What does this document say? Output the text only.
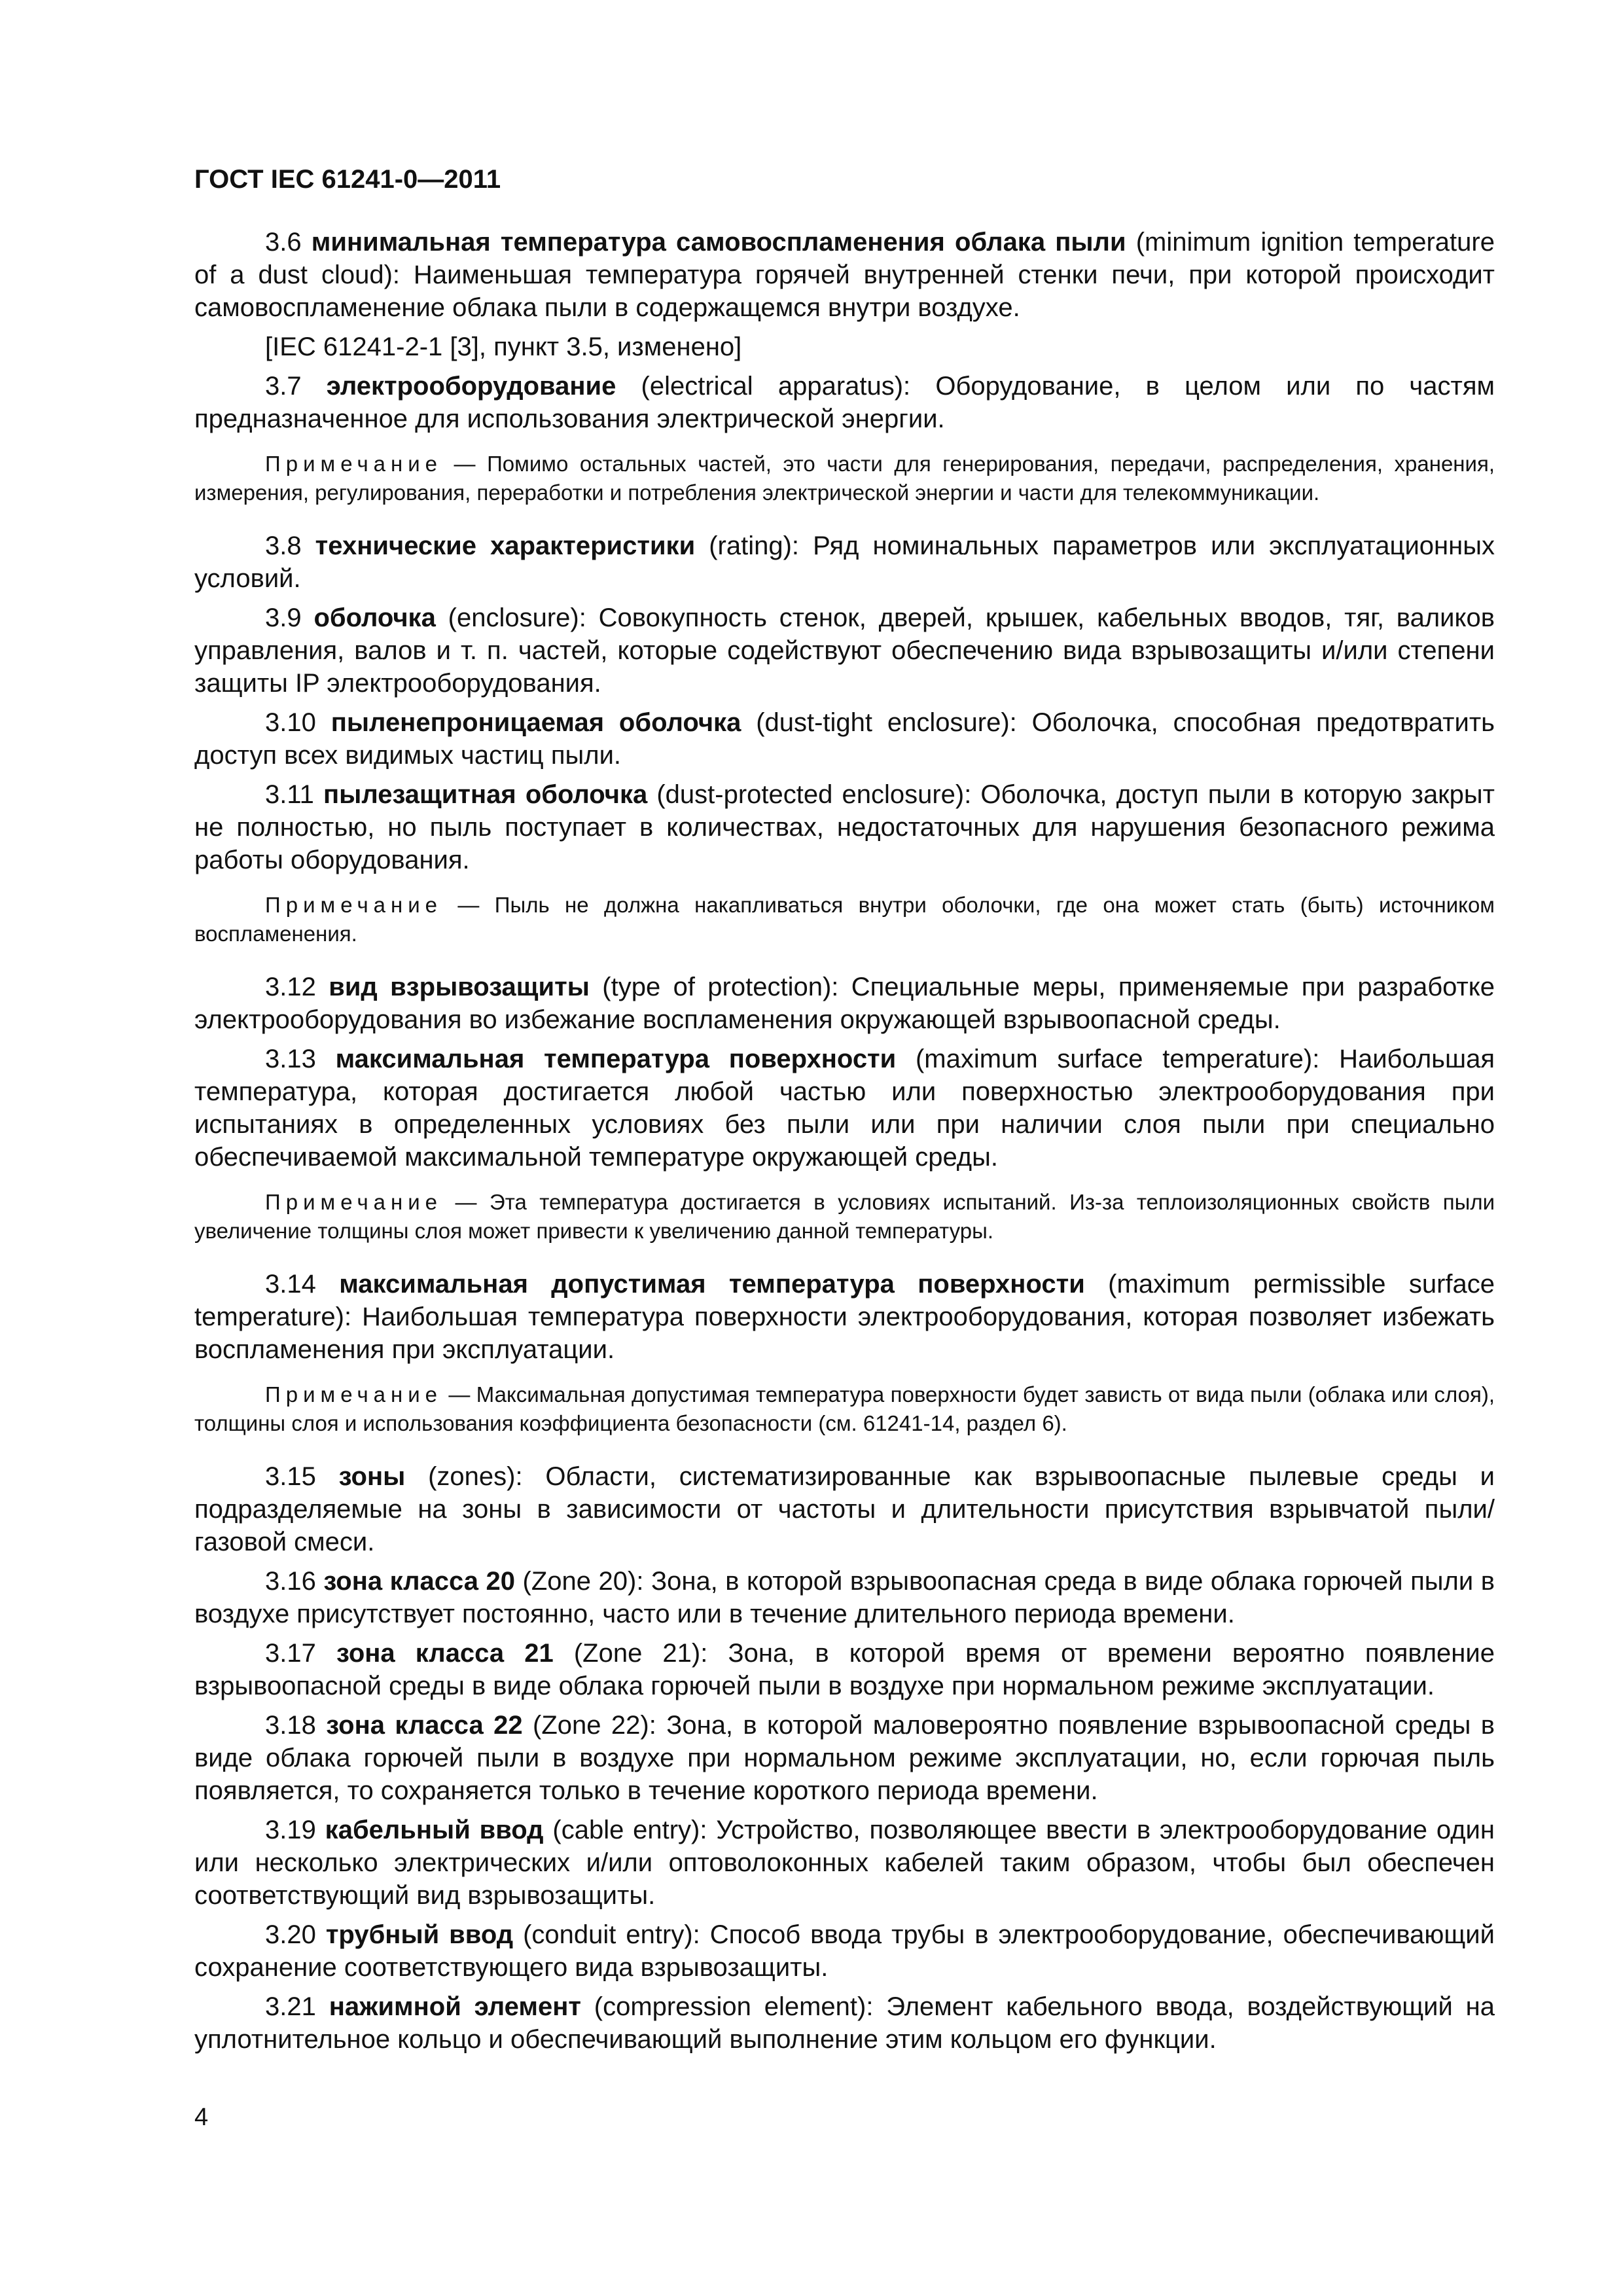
ГОСТ IEC 61241-0—2011

3.6 минимальная температура самовоспламенения облака пыли (minimum ignition temperature of a dust cloud): Наименьшая температура горячей внутренней стенки печи, при которой происходит самовоспламенение облака пыли в содержащемся внутри воздухе.

[IEC 61241-2-1 [3], пункт 3.5, изменено]

3.7 электрооборудование (electrical apparatus): Оборудование, в целом или по частям предназначенное для использования электрической энергии.

Примечание — Помимо остальных частей, это части для генерирования, передачи, распределения, хранения, измерения, регулирования, переработки и потребления электрической энергии и части для телекоммуникации.

3.8 технические характеристики (rating): Ряд номинальных параметров или эксплуатационных условий.

3.9 оболочка (enclosure): Совокупность стенок, дверей, крышек, кабельных вводов, тяг, валиков управления, валов и т. п. частей, которые содействуют обеспечению вида взрывозащиты и/или степени защиты IP электрооборудования.

3.10 пыленепроницаемая оболочка (dust-tight enclosure): Оболочка, способная предотвратить доступ всех видимых частиц пыли.

3.11 пылезащитная оболочка (dust-protected enclosure): Оболочка, доступ пыли в которую закрыт не полностью, но пыль поступает в количествах, недостаточных для нарушения безопасного режима работы оборудования.

Примечание — Пыль не должна накапливаться внутри оболочки, где она может стать (быть) источником воспламенения.

3.12 вид взрывозащиты (type of protection): Специальные меры, применяемые при разработке электрооборудования во избежание воспламенения окружающей взрывоопасной среды.

3.13 максимальная температура поверхности (maximum surface temperature): Наибольшая температура, которая достигается любой частью или поверхностью электрооборудования при испытаниях в определенных условиях без пыли или при наличии слоя пыли при специально обеспечиваемой максимальной температуре окружающей среды.

Примечание — Эта температура достигается в условиях испытаний. Из-за теплоизоляционных свойств пыли увеличение толщины слоя может привести к увеличению данной температуры.

3.14 максимальная допустимая температура поверхности (maximum permissible surface temperature): Наибольшая температура поверхности электрооборудования, которая позволяет избежать воспламенения при эксплуатации.

Примечание — Максимальная допустимая температура поверхности будет зависть от вида пыли (облака или слоя), толщины слоя и использования коэффициента безопасности (см. 61241-14, раздел 6).

3.15 зоны (zones): Области, систематизированные как взрывоопасные пылевые среды и подразделяемые на зоны в зависимости от частоты и длительности присутствия взрывчатой пыли/ газовой смеси.

3.16 зона класса 20 (Zone 20): Зона, в которой взрывоопасная среда в виде облака горючей пыли в воздухе присутствует постоянно, часто или в течение длительного периода времени.

3.17 зона класса 21 (Zone 21): Зона, в которой время от времени вероятно появление взрывоопасной среды в виде облака горючей пыли в воздухе при нормальном режиме эксплуатации.

3.18 зона класса 22 (Zone 22): Зона, в которой маловероятно появление взрывоопасной среды в виде облака горючей пыли в воздухе при нормальном режиме эксплуатации, но, если горючая пыль появляется, то сохраняется только в течение короткого периода времени.

3.19 кабельный ввод (cable entry): Устройство, позволяющее ввести в электрооборудование один или несколько электрических и/или оптоволоконных кабелей таким образом, чтобы был обеспечен соответствующий вид взрывозащиты.

3.20 трубный ввод (conduit entry): Способ ввода трубы в электрооборудование, обеспечивающий сохранение соответствующего вида взрывозащиты.

3.21 нажимной элемент (compression element): Элемент кабельного ввода, воздействующий на уплотнительное кольцо и обеспечивающий выполнение этим кольцом его функции.

4
